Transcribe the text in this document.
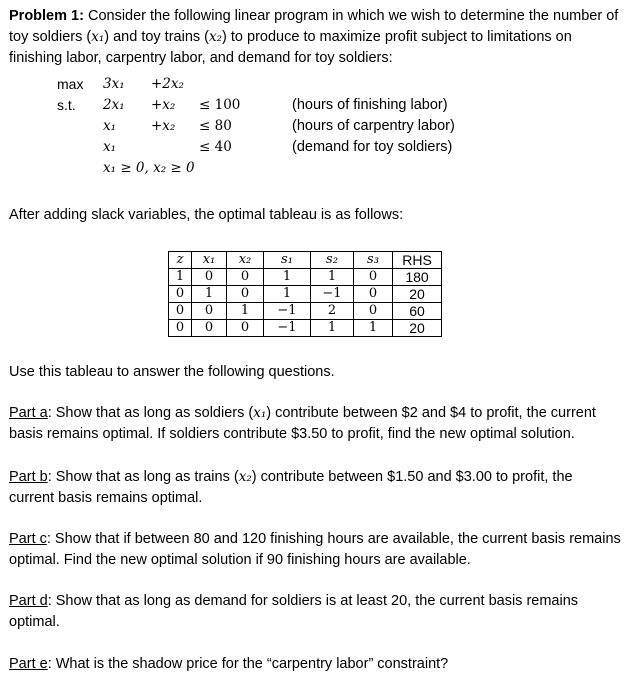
Problem 1: Consider the following linear program in which we wish to determine the number of

toy soldiers (x₁) and toy trains (x₂) to produce to maximize profit subject to limitations on

finishing labor, carpentry labor, and demand for toy soldiers:

max 3x₁ +2x₂
s.t. 2x₁ +x₂ ≤ 100	(hours of finishing labor)
x₁	+x₂ ≤ 80	(hours of carpentry labor)
x₁	≤ 40	(demand for toy soldiers)
x₁ ≥ 0, x₂ ≥ 0

After adding slack variables, the optimal tableau is as follows:

z	x₁	x₂	s₁	s₂	s₃	RHS
1	0	0	1	1	0	180
0	1	0	1	−1	0	20
0	0	1	−1	2	0	60
0	0	0	−1	1	1	20

Use this tableau to answer the following questions.

Part a: Show that as long as soldiers (x₁) contribute between $2 and $4 to profit, the current

basis remains optimal. If soldiers contribute $3.50 to profit, find the new optimal solution.

Part b: Show that as long as trains (x₂) contribute between $1.50 and $3.00 to profit, the

current basis remains optimal.

Part c: Show that if between 80 and 120 finishing hours are available, the current basis remains

optimal. Find the new optimal solution if 90 finishing hours are available.

Part d: Show that as long as demand for soldiers is at least 20, the current basis remains

optimal.

Part e: What is the shadow price for the “carpentry labor” constraint?
